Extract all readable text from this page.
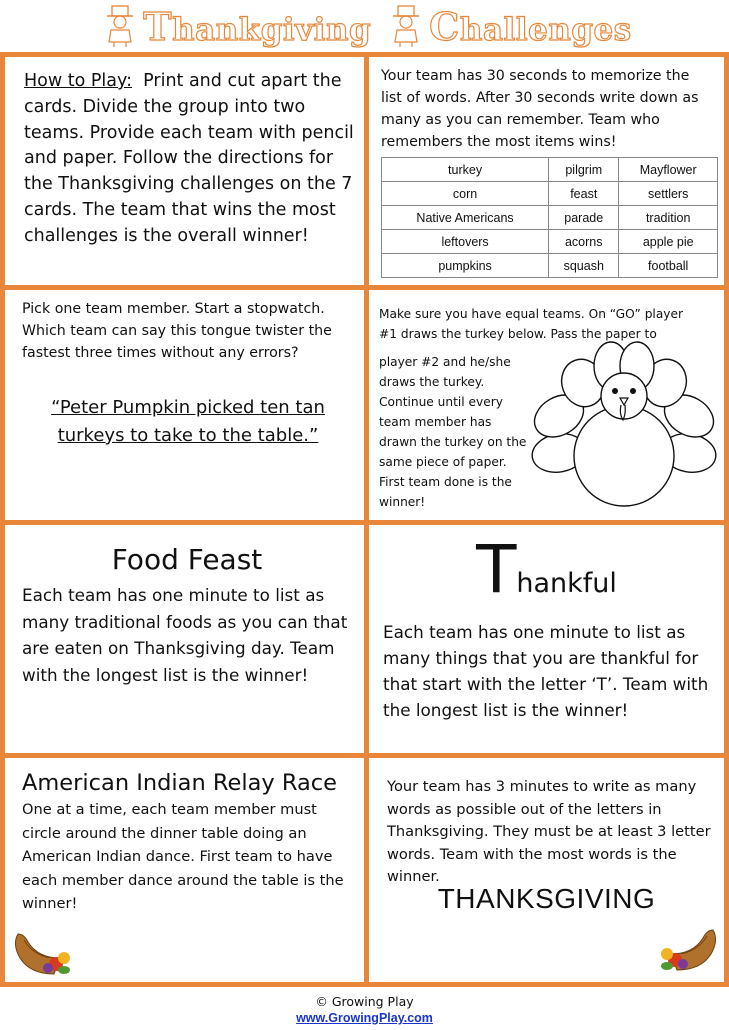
Thankgiving Challenges
How to Play: Print and cut apart the cards. Divide the group into two teams. Provide each team with pencil and paper. Follow the directions for the Thanksgiving challenges on the 7 cards. The team that wins the most challenges is the overall winner!
Your team has 30 seconds to memorize the list of words. After 30 seconds write down as many as you can remember. Team who remembers the most items wins!
turkey	pilgrim	Mayflower
corn	feast	settlers
Native Americans	parade	tradition
leftovers	acorns	apple pie
pumpkins	squash	football
Pick one team member. Start a stopwatch. Which team can say this tongue twister the fastest three times without any errors?
“Peter Pumpkin picked ten tan
turkeys to take to the table.”
Make sure you have equal teams. On “GO” player
#1 draws the turkey below. Pass the paper to
player #2 and he/she draws the turkey. Continue until every team member has drawn the turkey on the same piece of paper. First team done is the winner!
Food Feast
Each team has one minute to list as many traditional foods as you can that are eaten on Thanksgiving day. Team with the longest list is the winner!
Thankful
Each team has one minute to list as many things that you are thankful for that start with the letter ‘T’. Team with the longest list is the winner!
American Indian Relay Race
One at a time, each team member must circle around the dinner table doing an American Indian dance. First team to have each member dance around the table is the winner!
Your team has 3 minutes to write as many words as possible out of the letters in Thanksgiving. They must be at least 3 letter words. Team with the most words is the winner.
THANKSGIVING
© Growing Play
www.GrowingPlay.com
